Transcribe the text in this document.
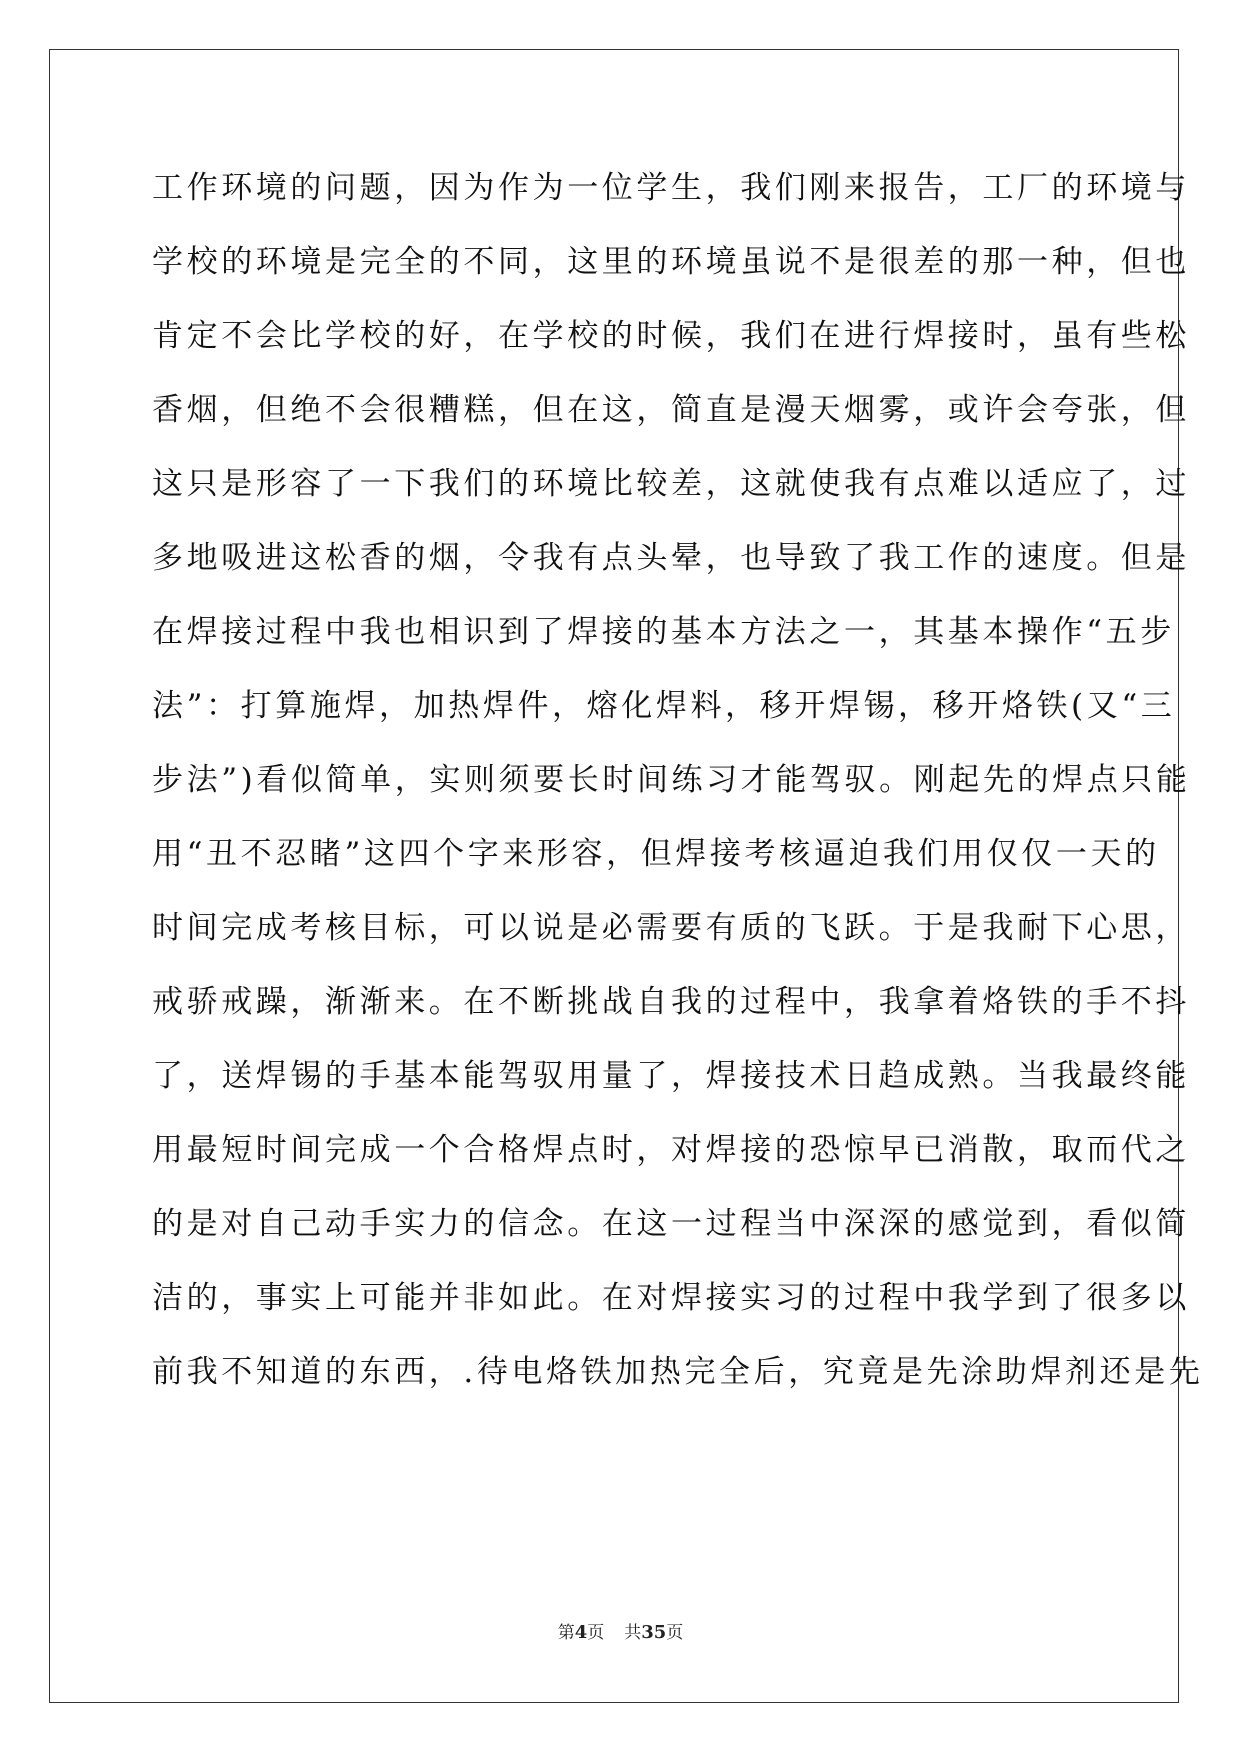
工作环境的问题，因为作为一位学生，我们刚来报告，工厂的环境与
学校的环境是完全的不同，这里的环境虽说不是很差的那一种，但也
肯定不会比学校的好，在学校的时候，我们在进行焊接时，虽有些松
香烟，但绝不会很糟糕，但在这，简直是漫天烟雾，或许会夸张，但
这只是形容了一下我们的环境比较差，这就使我有点难以适应了，过
多地吸进这松香的烟，令我有点头晕，也导致了我工作的速度。但是
在焊接过程中我也相识到了焊接的基本方法之一，其基本操作“五步
法”：打算施焊，加热焊件，熔化焊料，移开焊锡，移开烙铁(又“三
步法”)看似简单，实则须要长时间练习才能驾驭。刚起先的焊点只能
用“丑不忍睹”这四个字来形容，但焊接考核逼迫我们用仅仅一天的
时间完成考核目标，可以说是必需要有质的飞跃。于是我耐下心思，
戒骄戒躁，渐渐来。在不断挑战自我的过程中，我拿着烙铁的手不抖
了，送焊锡的手基本能驾驭用量了，焊接技术日趋成熟。当我最终能
用最短时间完成一个合格焊点时，对焊接的恐惊早已消散，取而代之
的是对自己动手实力的信念。在这一过程当中深深的感觉到，看似简
洁的，事实上可能并非如此。在对焊接实习的过程中我学到了很多以
前我不知道的东西，.待电烙铁加热完全后，究竟是先涂助焊剂还是先
第4页 共35页
